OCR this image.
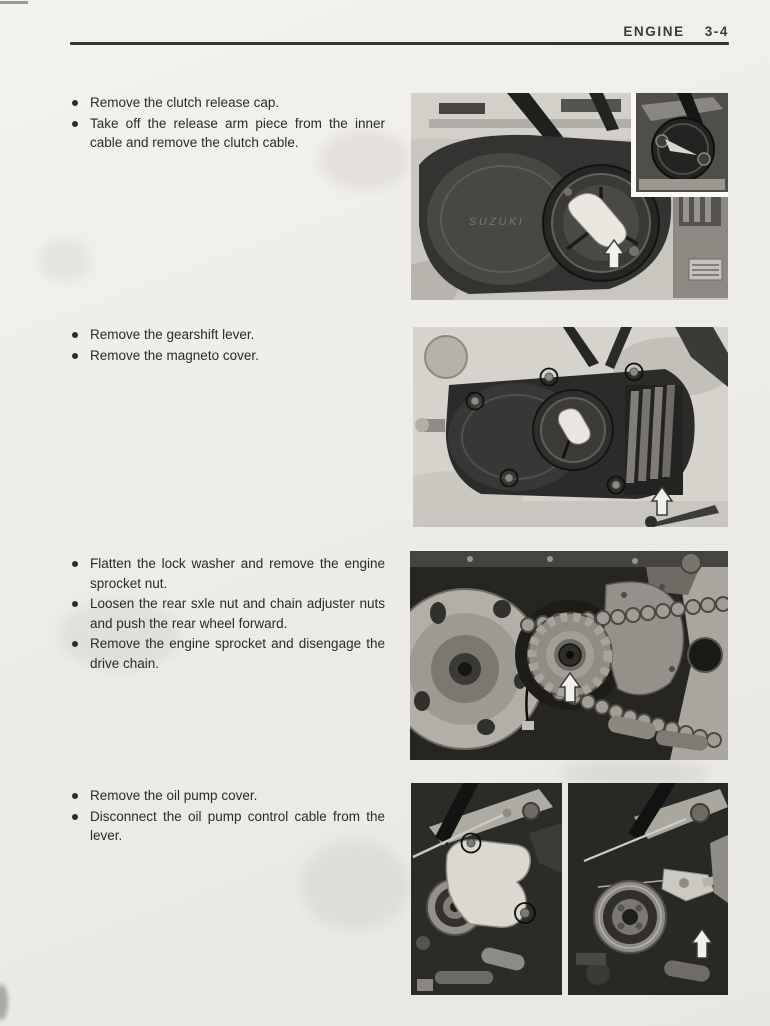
ENGINE 3-4
Remove the clutch release cap.
Take off the release arm piece from the inner cable and remove the clutch cable.
SUZUKI
Remove the gearshift lever.
Remove the magneto cover.
Flatten the lock washer and remove the engine sprocket nut.
Loosen the rear sxle nut and chain adjuster nuts and push the rear wheel forward.
Remove the engine sprocket and disengage the drive chain.
Remove the oil pump cover.
Disconnect the oil pump control cable from the lever.
